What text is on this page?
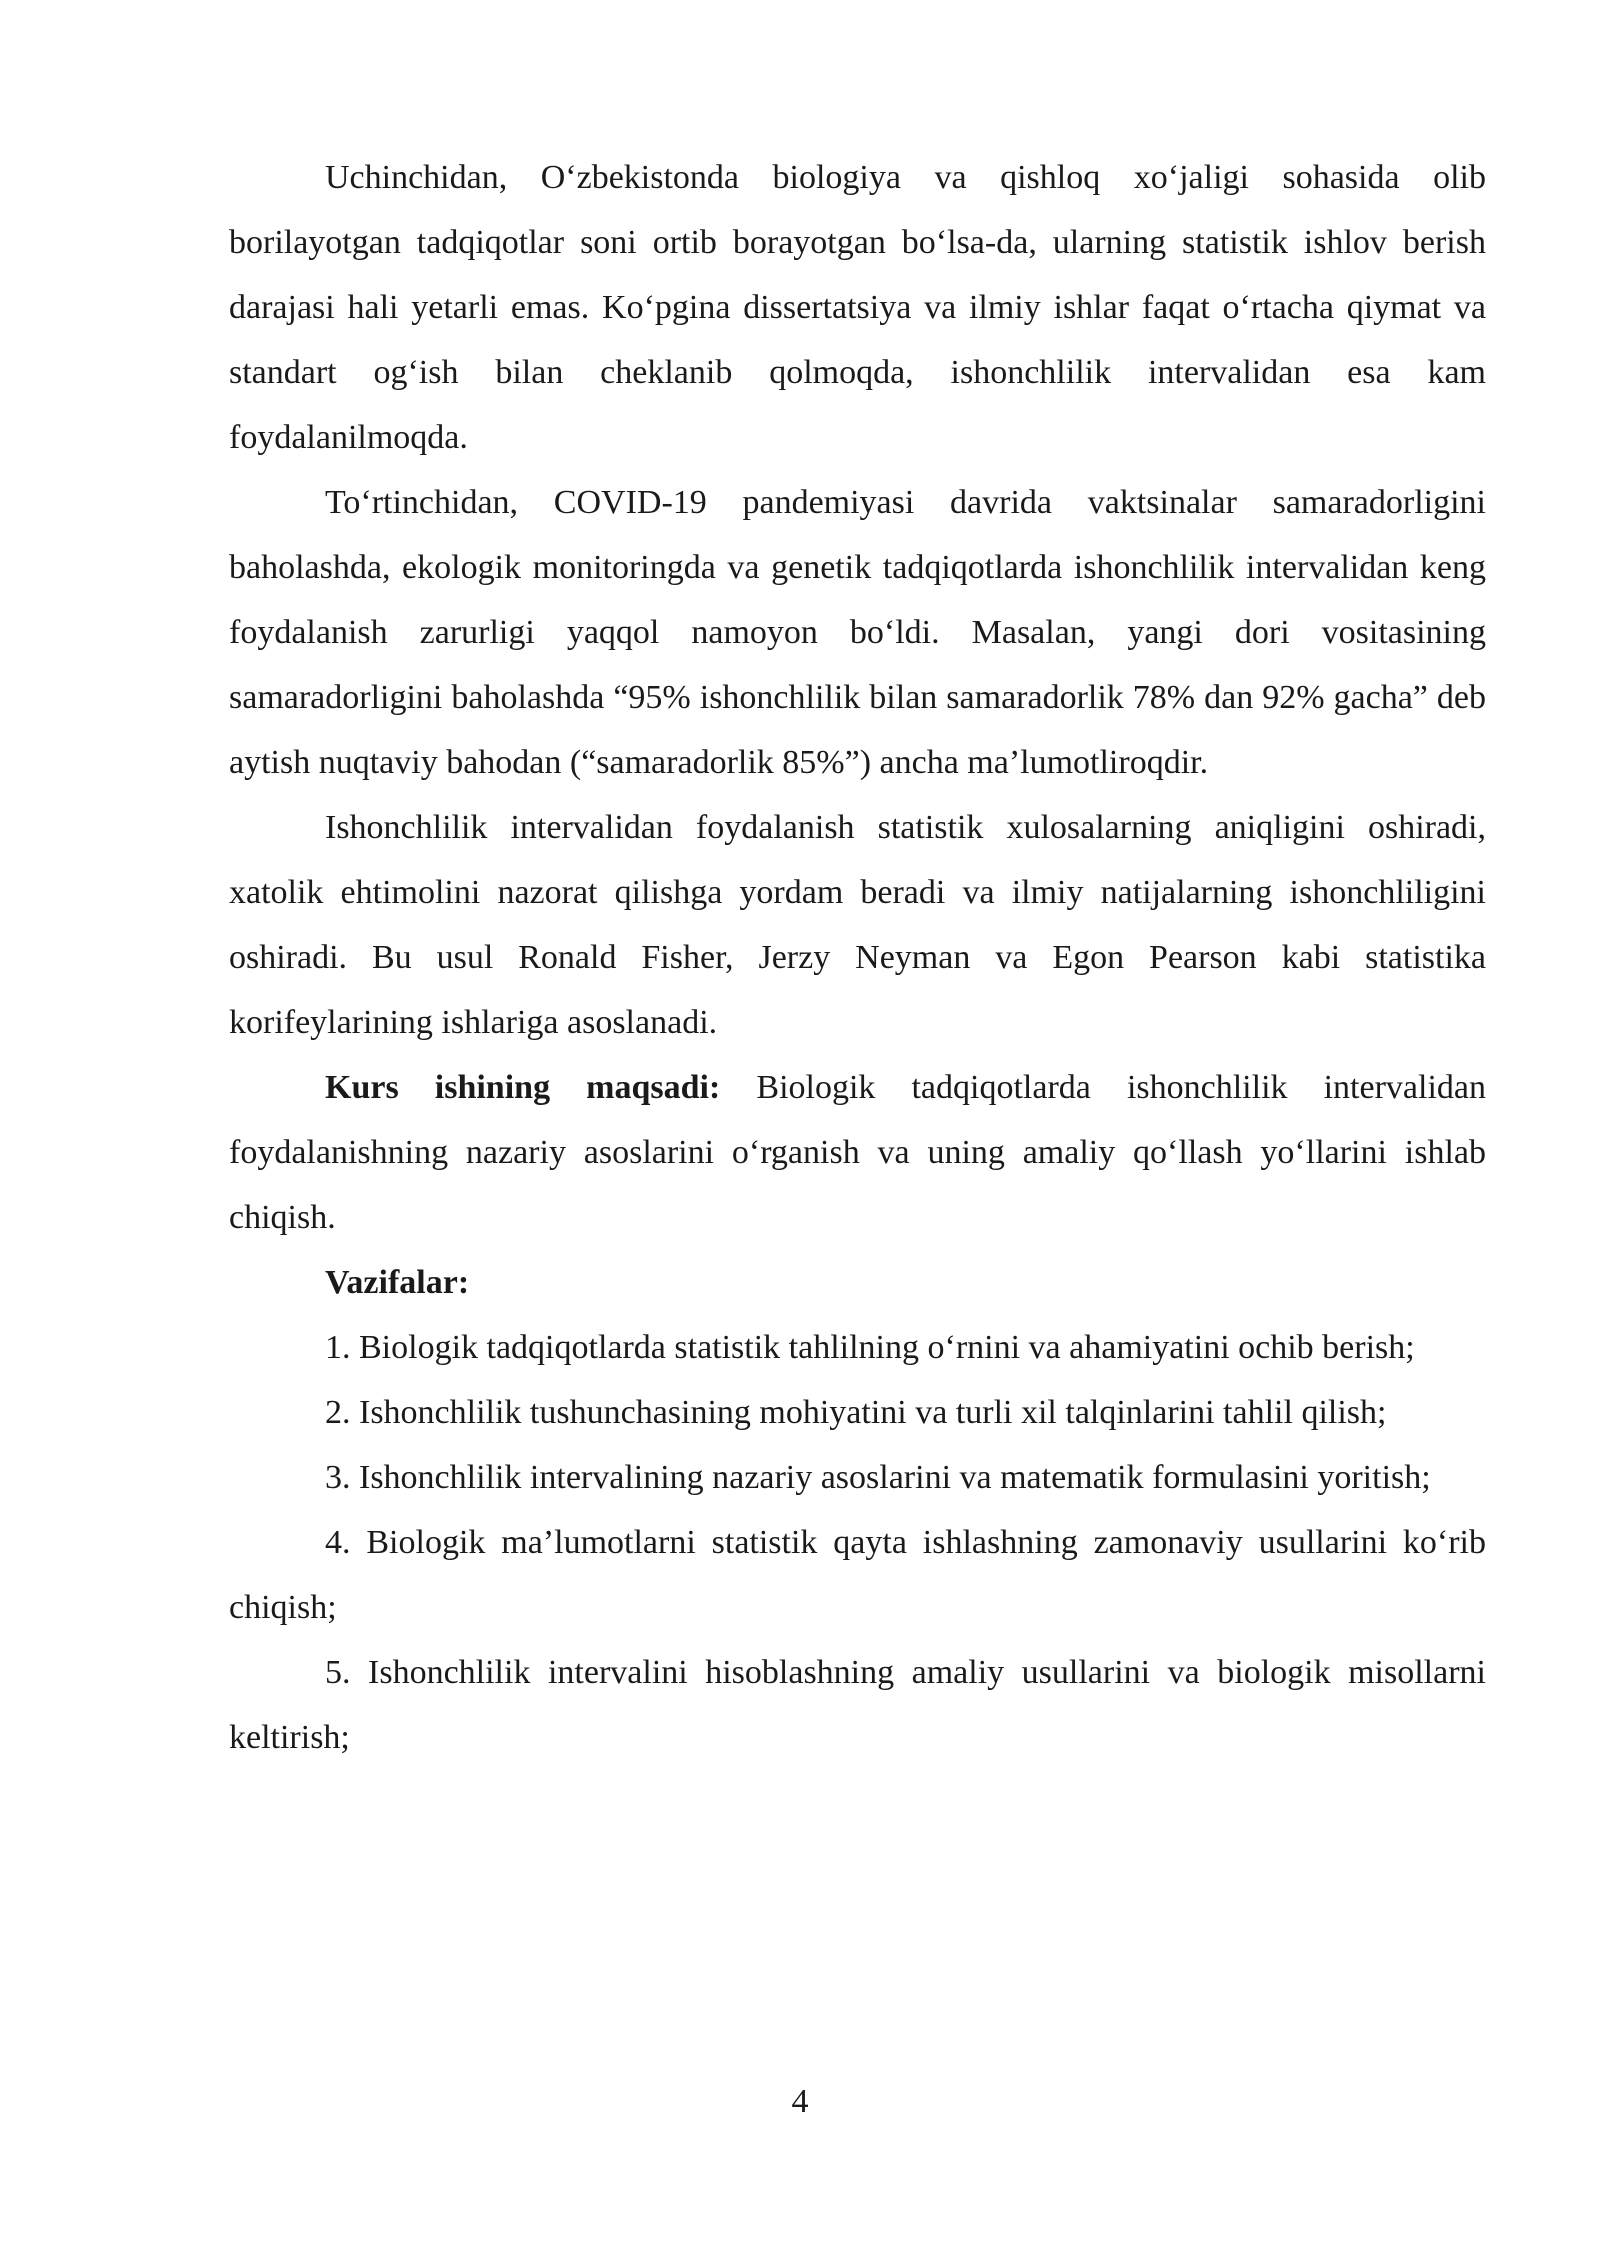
Uchinchidan, O‘zbekistonda biologiya va qishloq xo‘jaligi sohasida olib borilayotgan tadqiqotlar soni ortib borayotgan bo‘lsa-da, ularning statistik ishlov berish darajasi hali yetarli emas. Ko‘pgina dissertatsiya va ilmiy ishlar faqat o‘rtacha qiymat va standart og‘ish bilan cheklanib qolmoqda, ishonchlilik intervalidan esa kam foydalanilmoqda.

To‘rtinchidan, COVID-19 pandemiyasi davrida vaktsinalar samaradorligini baholashda, ekologik monitoringda va genetik tadqiqotlarda ishonchlilik intervalidan keng foydalanish zarurligi yaqqol namoyon bo‘ldi. Masalan, yangi dori vositasining samaradorligini baholashda “95% ishonchlilik bilan samaradorlik 78% dan 92% gacha” deb aytish nuqtaviy bahodan (“samaradorlik 85%”) ancha ma’lumotliroqdir.

Ishonchlilik intervalidan foydalanish statistik xulosalarning aniqligini oshiradi, xatolik ehtimolini nazorat qilishga yordam beradi va ilmiy natijalarning ishonchliligini oshiradi. Bu usul Ronald Fisher, Jerzy Neyman va Egon Pearson kabi statistika korifeylarining ishlariga asoslanadi.

Kurs ishining maqsadi: Biologik tadqiqotlarda ishonchlilik intervalidan foydalanishning nazariy asoslarini o‘rganish va uning amaliy qo‘llash yo‘llarini ishlab chiqish.

Vazifalar:

1. Biologik tadqiqotlarda statistik tahlilning o‘rnini va ahamiyatini ochib berish;

2. Ishonchlilik tushunchasining mohiyatini va turli xil talqinlarini tahlil qilish;

3. Ishonchlilik intervalining nazariy asoslarini va matematik formulasini yoritish;

4. Biologik ma’lumotlarni statistik qayta ishlashning zamonaviy usullarini ko‘rib chiqish;

5. Ishonchlilik intervalini hisoblashning amaliy usullarini va biologik misollarni keltirish;

4
